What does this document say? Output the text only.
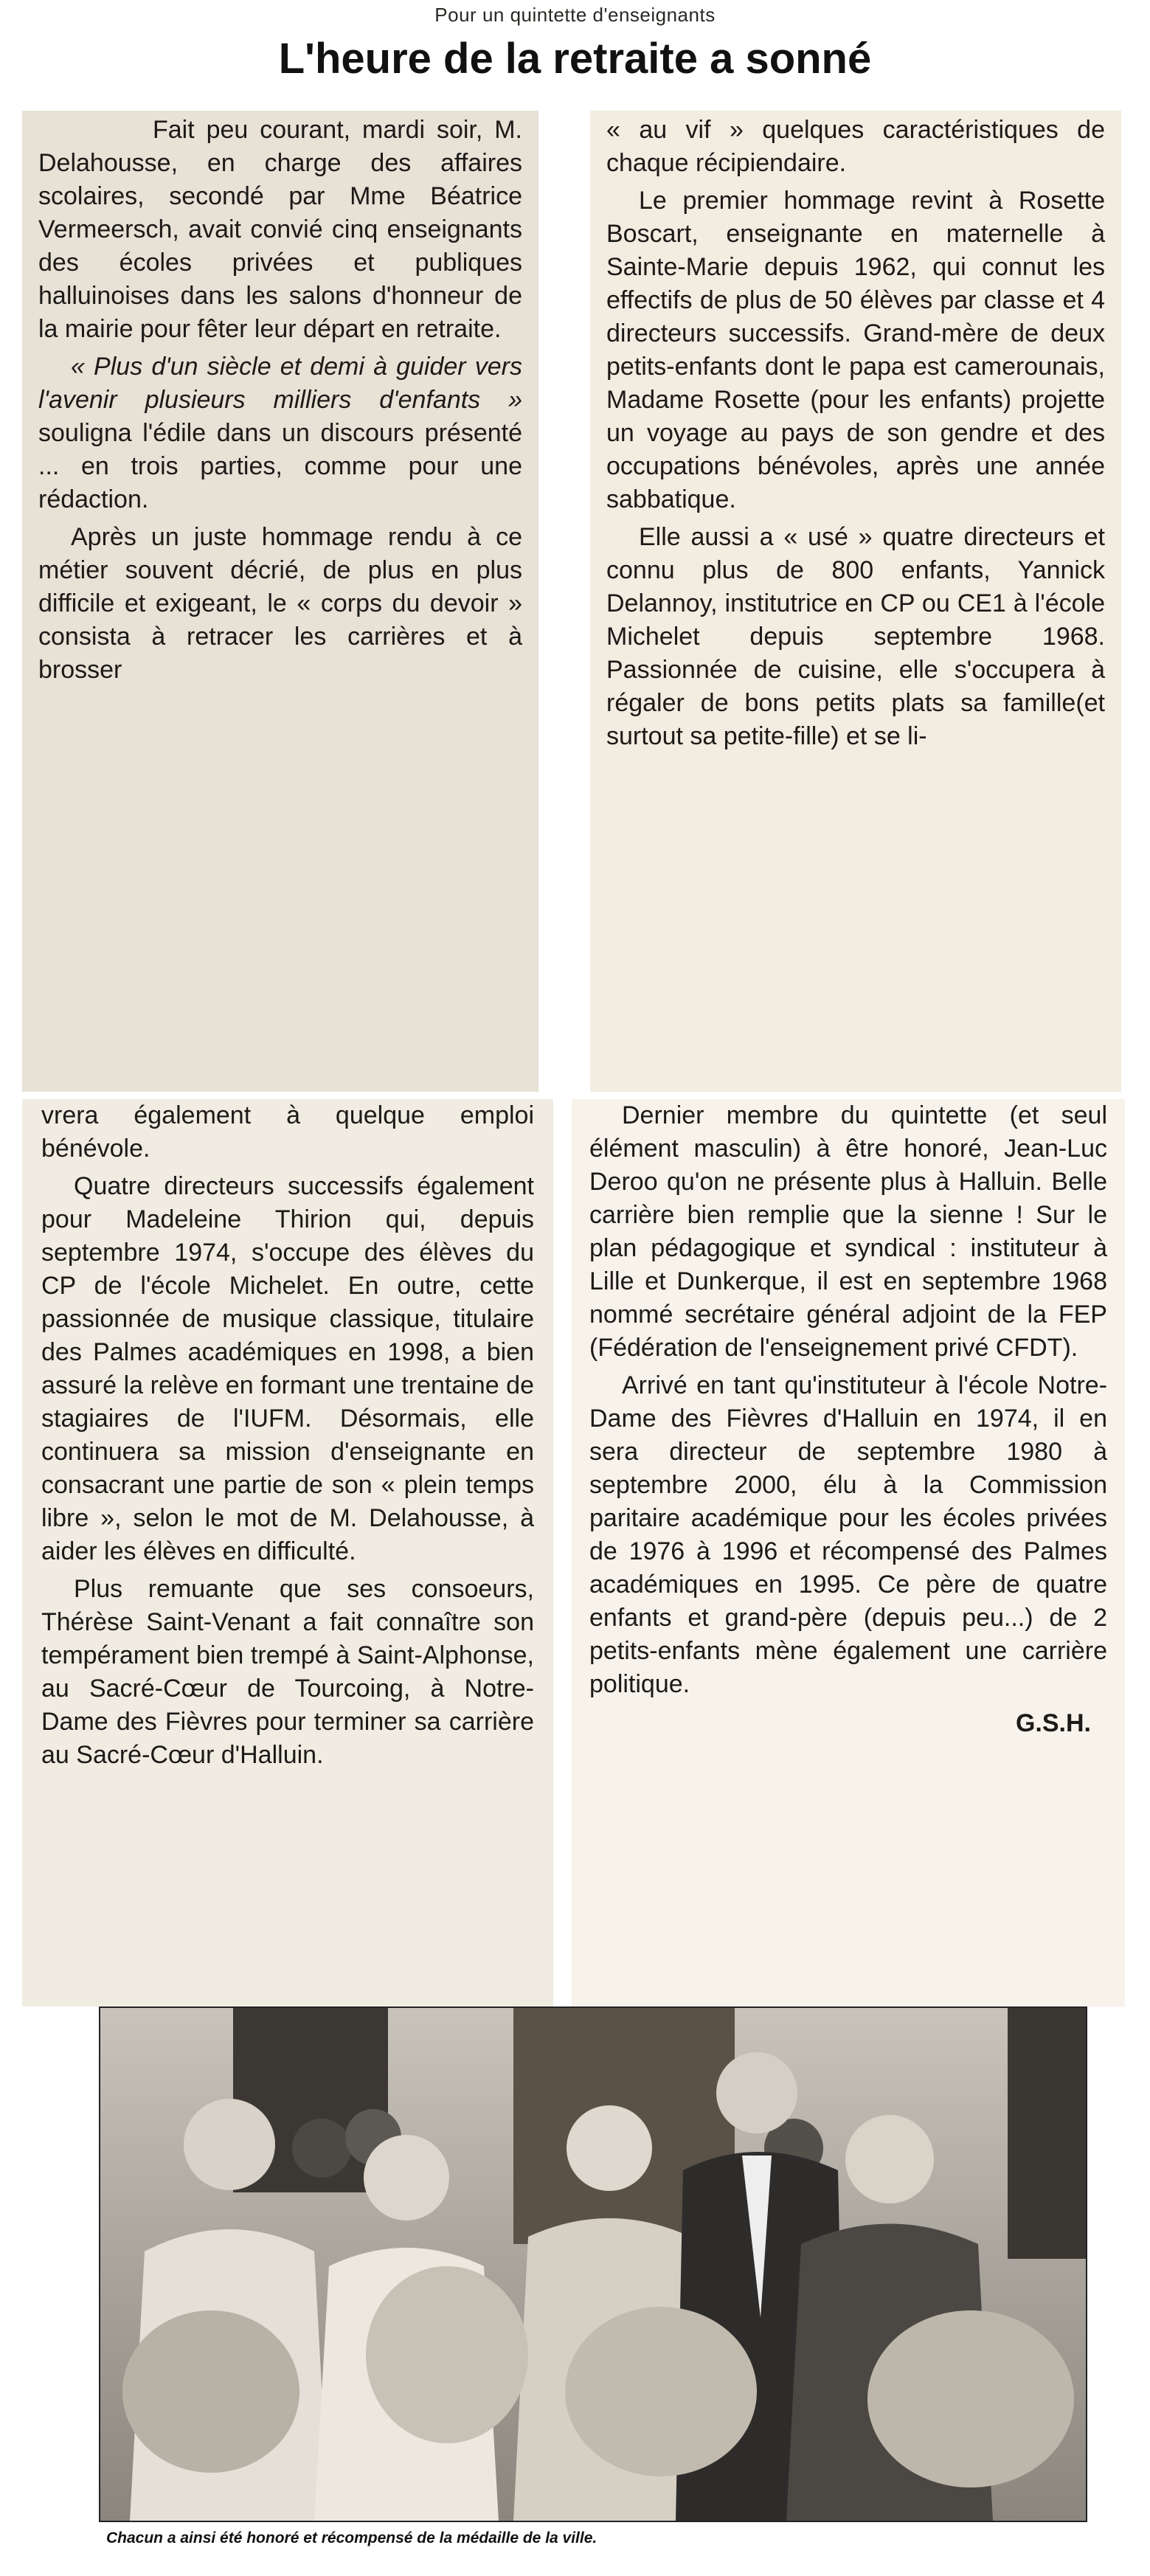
Pour un quintette d'enseignants
L'heure de la retraite a sonné

Fait peu courant, mardi soir, M. Delahousse, en charge des affaires scolaires, secondé par Mme Béatrice Vermeersch, avait convié cinq enseignants des écoles privées et publiques halluinoises dans les salons d'honneur de la mairie pour fêter leur départ en retraite.

« Plus d'un siècle et demi à guider vers l'avenir plusieurs milliers d'enfants » souligna l'édile dans un discours présenté ... en trois parties, comme pour une rédaction.

Après un juste hommage rendu à ce métier souvent décrié, de plus en plus difficile et exigeant, le « corps du devoir » consista à retracer les carrières et à brosser

« au vif » quelques caractéristiques de chaque récipiendaire.

Le premier hommage revint à Rosette Boscart, enseignante en maternelle à Sainte-Marie depuis 1962, qui connut les effectifs de plus de 50 élèves par classe et 4 directeurs successifs. Grand-mère de deux petits-enfants dont le papa est camerounais, Madame Rosette (pour les enfants) projette un voyage au pays de son gendre et des occupations bénévoles, après une année sabbatique.

Elle aussi a « usé » quatre directeurs et connu plus de 800 enfants, Yannick Delannoy, institutrice en CP ou CE1 à l'école Michelet depuis septembre 1968. Passionnée de cuisine, elle s'occupera à régaler de bons petits plats sa famille(et surtout sa petite-fille) et se li-

vrera également à quelque emploi bénévole.

Quatre directeurs successifs également pour Madeleine Thirion qui, depuis septembre 1974, s'occupe des élèves du CP de l'école Michelet. En outre, cette passionnée de musique classique, titulaire des Palmes académiques en 1998, a bien assuré la relève en formant une trentaine de stagiaires de l'IUFM. Désormais, elle continuera sa mission d'enseignante en consacrant une partie de son « plein temps libre », selon le mot de M. Delahousse, à aider les élèves en difficulté.

Plus remuante que ses consoeurs, Thérèse Saint-Venant a fait connaître son tempérament bien trempé à Saint-Alphonse, au Sacré-Cœur de Tourcoing, à Notre-Dame des Fièvres pour terminer sa carrière au Sacré-Cœur d'Halluin.

Dernier membre du quintette (et seul élément masculin) à être honoré, Jean-Luc Deroo qu'on ne présente plus à Halluin. Belle carrière bien remplie que la sienne ! Sur le plan pédagogique et syndical : instituteur à Lille et Dunkerque, il est en septembre 1968 nommé secrétaire général adjoint de la FEP (Fédération de l'enseignement privé CFDT).

Arrivé en tant qu'instituteur à l'école Notre-Dame des Fièvres d'Halluin en 1974, il en sera directeur de septembre 1980 à septembre 2000, élu à la Commission paritaire académique pour les écoles privées de 1976 à 1996 et récompensé des Palmes académiques en 1995. Ce père de quatre enfants et grand-père (depuis peu...) de 2 petits-enfants mène également une carrière politique.

G.S.H.
Chacun a ainsi été honoré et récompensé de la médaille de la ville.
